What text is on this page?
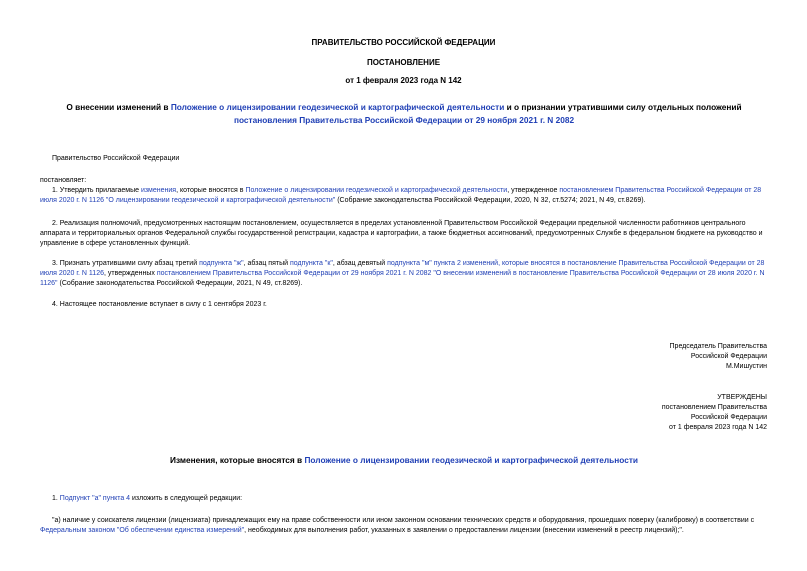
ПРАВИТЕЛЬСТВО РОССИЙСКОЙ ФЕДЕРАЦИИ
ПОСТАНОВЛЕНИЕ
от 1 февраля 2023 года N 142
О внесении изменений в Положение о лицензировании геодезической и картографической деятельности и о признании утратившими силу отдельных положений
постановления Правительства Российской Федерации от 29 ноября 2021 г. N 2082
Правительство Российской Федерации
постановляет:

1. Утвердить прилагаемые изменения, которые вносятся в Положение о лицензировании геодезической и картографической деятельности, утвержденное постановлением Правительства Российской Федерации от 28 июля 2020 г. N 1126 "О лицензировании геодезической и картографической деятельности" (Собрание законодательства Российской Федерации, 2020, N 32, ст.5274; 2021, N 49, ст.8269).

2. Реализация полномочий, предусмотренных настоящим постановлением, осуществляется в пределах установленной Правительством Российской Федерации предельной численности работников центрального аппарата и территориальных органов Федеральной службы государственной регистрации, кадастра и картографии, а также бюджетных ассигнований, предусмотренных Службе в федеральном бюджете на руководство и управление в сфере установленных функций.

3. Признать утратившими силу абзац третий подпункта "ж", абзац пятый подпункта "к", абзац девятый подпункта "м" пункта 2 изменений, которые вносятся в постановление Правительства Российской Федерации от 28 июля 2020 г. N 1126, утвержденных постановлением Правительства Российской Федерации от 29 ноября 2021 г. N 2082 "О внесении изменений в постановление Правительства Российской Федерации от 28 июля 2020 г. N 1126" (Собрание законодательства Российской Федерации, 2021, N 49, ст.8269).

4. Настоящее постановление вступает в силу с 1 сентября 2023 г.

Председатель Правительства
Российской Федерации
М.Мишустин
УТВЕРЖДЕНЫ
постановлением Правительства
Российской Федерации
от 1 февраля 2023 года N 142
Изменения, которые вносятся в Положение о лицензировании геодезической и картографической деятельности

1. Подпункт "а" пункта 4 изложить в следующей редакции:

"а) наличие у соискателя лицензии (лицензиата) принадлежащих ему на праве собственности или ином законном основании технических средств и оборудования, прошедших поверку (калибровку) в соответствии с Федеральным законом "Об обеспечении единства измерений", необходимых для выполнения работ, указанных в заявлении о предоставлении лицензии (внесении изменений в реестр лицензий);".
